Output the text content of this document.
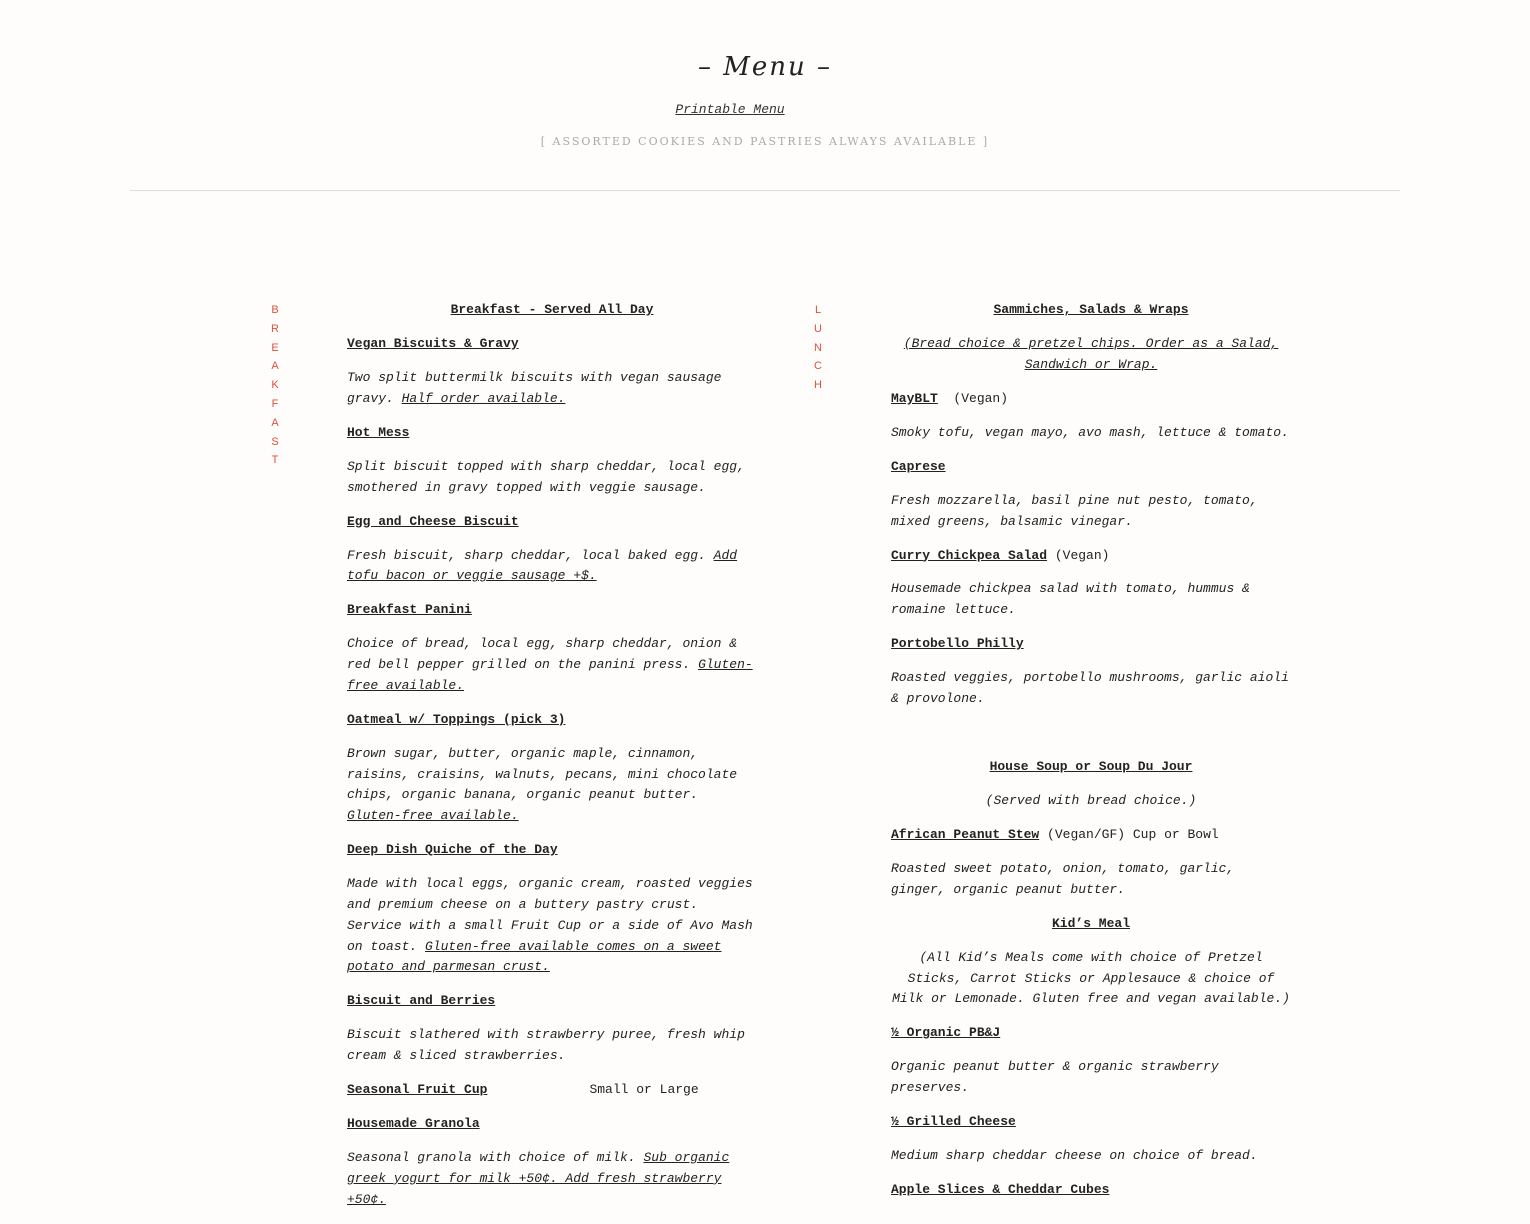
– Menu –
Printable Menu
[ ASSORTED COOKIES AND PASTRIES ALWAYS AVAILABLE ]
B
R
E
A
K
F
A
S
T

Breakfast - Served All Day

Vegan Biscuits & Gravy

Two split buttermilk biscuits with vegan sausage gravy. Half order available.

Hot Mess

Split biscuit topped with sharp cheddar, local egg, smothered in gravy topped with veggie sausage.

Egg and Cheese Biscuit

Fresh biscuit, sharp cheddar, local baked egg. Add tofu bacon or veggie sausage +$.

Breakfast Panini

Choice of bread, local egg, sharp cheddar, onion & red bell pepper grilled on the panini press. Gluten-free available.

Oatmeal w/ Toppings (pick 3)

Brown sugar, butter, organic maple, cinnamon, raisins, craisins, walnuts, pecans, mini chocolate chips, organic banana, organic peanut butter. Gluten-free available.

Deep Dish Quiche of the Day

Made with local eggs, organic cream, roasted veggies and premium cheese on a buttery pastry crust. Service with a small Fruit Cup or a side of Avo Mash on toast. Gluten-free available comes on a sweet potato and parmesan crust.

Biscuit and Berries

Biscuit slathered with strawberry puree, fresh whip cream & sliced strawberries.

Seasonal Fruit Cup	Small or Large

Housemade Granola

Seasonal granola with choice of milk. Sub organic greek yogurt for milk +50¢. Add fresh strawberry +50¢.

L
U
N
C
H

Sammiches, Salads & Wraps

(Bread choice & pretzel chips. Order as a Salad, Sandwich or Wrap.

MayBLT (Vegan)

Smoky tofu, vegan mayo, avo mash, lettuce & tomato.

Caprese

Fresh mozzarella, basil pine nut pesto, tomato, mixed greens, balsamic vinegar.

Curry Chickpea Salad (Vegan)

Housemade chickpea salad with tomato, hummus & romaine lettuce.

Portobello Philly

Roasted veggies, portobello mushrooms, garlic aioli & provolone.

House Soup or Soup Du Jour

(Served with bread choice.)

African Peanut Stew (Vegan/GF) Cup or Bowl

Roasted sweet potato, onion, tomato, garlic, ginger, organic peanut butter.

Kid’s Meal

(All Kid’s Meals come with choice of Pretzel Sticks, Carrot Sticks or Applesauce & choice of Milk or Lemonade. Gluten free and vegan available.)

½ Organic PB&J

Organic peanut butter & organic strawberry preserves.

½ Grilled Cheese

Medium sharp cheddar cheese on choice of bread.

Apple Slices & Cheddar Cubes
